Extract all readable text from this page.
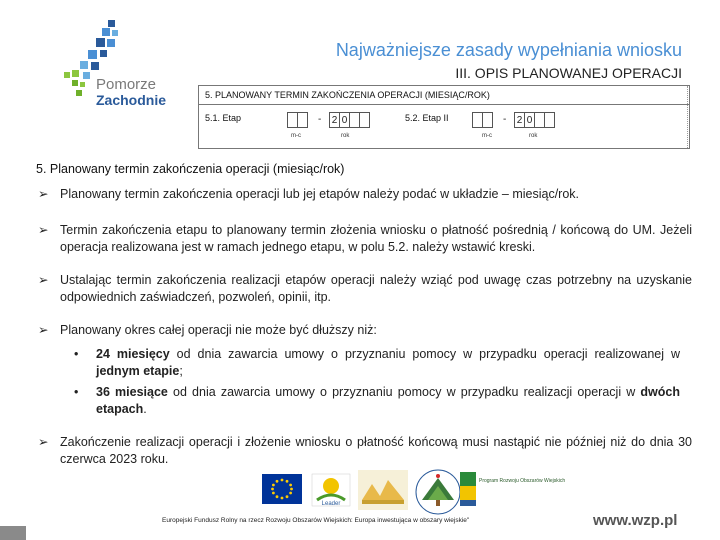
Pomorze
Zachodnie
Najważniejsze zasady wypełniania wniosku
III. OPIS PLANOWANEJ OPERACJI
5. PLANOWANY TERMIN ZAKOŃCZENIA OPERACJI (MIESIĄC/ROK)
5.1. Etap	- 2 0
m-c	rok
5.2. Etap II	- 2 0
m-c	rok
5. Planowany termin zakończenia operacji (miesiąc/rok)
➢ Planowany termin zakończenia operacji lub jej etapów należy podać w układzie – miesiąc/rok.
➢ Termin zakończenia etapu to planowany termin złożenia wniosku o płatność pośrednią / końcową do UM. Jeżeli operacja realizowana jest w ramach jednego etapu, w polu 5.2. należy wstawić kreski.
➢ Ustalając termin zakończenia realizacji etapów operacji należy wziąć pod uwagę czas potrzebny na uzyskanie odpowiednich zaświadczeń, pozwoleń, opinii, itp.
➢ Planowany okres całej operacji nie może być dłuższy niż:
• 24 miesięcy od dnia zawarcia umowy o przyznaniu pomocy w przypadku operacji realizowanej w jednym etapie;
• 36 miesiące od dnia zawarcia umowy o przyznaniu pomocy w przypadku realizacji operacji w dwóch etapach.
➢ Zakończenie realizacji operacji i złożenie wniosku o płatność końcową musi nastąpić nie później niż do dnia 30 czerwca 2023 roku.
Leader
Program Rozwoju Obszarów Wiejskich
Europejski Fundusz Rolny na rzecz Rozwoju Obszarów Wiejskich: Europa inwestująca w obszary wiejskie"	www.wzp.pl
